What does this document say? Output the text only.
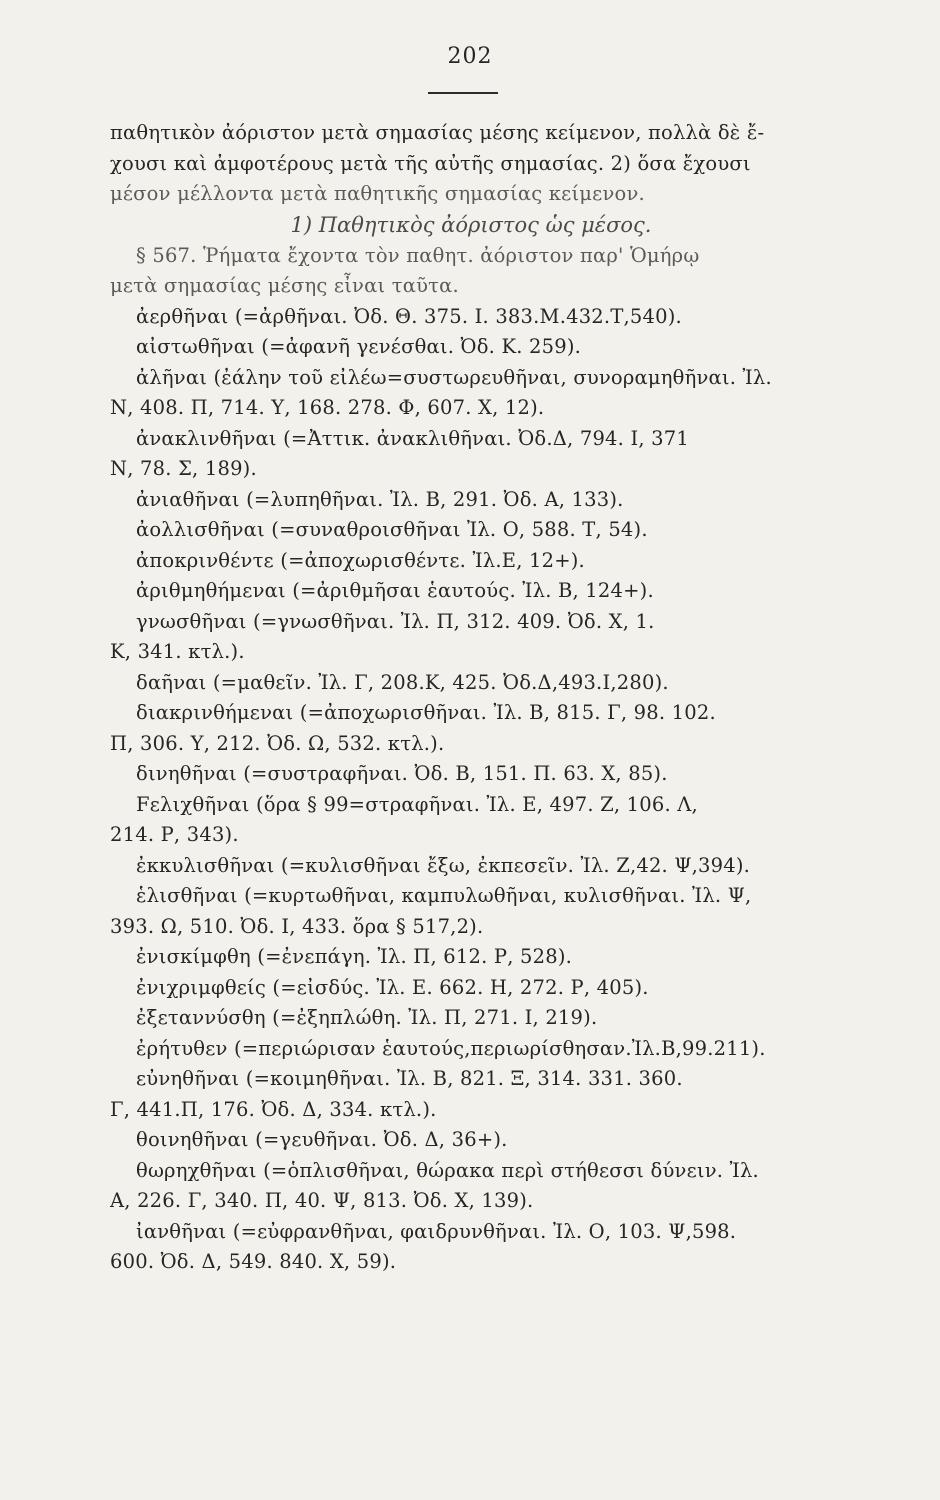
202
παθητικὸν ἀόριστον μετὰ σημασίας μέσης κείμενον, πολλὰ δὲ ἔ-
χουσι καὶ ἀμφοτέρους μετὰ τῆς αὐτῆς σημασίας. 2) ὅσα ἔχουσι
μέσον μέλλοντα μετὰ παθητικῆς σημασίας κείμενον.
1) Παθητικὸς ἀόριστος ὡς μέσος.
§ 567. Ῥήματα ἔχοντα τὸν παθητ. ἀόριστον παρ' Ὁμήρῳ
μετὰ σημασίας μέσης εἶναι ταῦτα.
ἀερθῆναι (=ἀρθῆναι. Ὀδ. Θ. 375. Ι. 383.Μ.432.Τ,540).
αἰστωθῆναι (=ἀφανῆ γενέσθαι. Ὀδ. Κ. 259).
ἀλῆναι (ἐάλην τοῦ εἰλέω=συστωρευθῆναι, συνοραμηθῆναι. Ἰλ.
Ν, 408. Π, 714. Υ, 168. 278. Φ, 607. Χ, 12).
ἀνακλινθῆναι (=Ἀττικ. ἀνακλιθῆναι. Ὀδ.Δ, 794. Ι, 371
Ν, 78. Σ, 189).
ἀνιαθῆναι (=λυπηθῆναι. Ἰλ. Β, 291. Ὀδ. Α, 133).
ἀολλισθῆναι (=συναθροισθῆναι Ἰλ. Ο, 588. Τ, 54).
ἀποκρινθέντε (=ἀποχωρισθέντε. Ἰλ.Ε, 12+).
ἀριθμηθήμεναι (=ἀριθμῆσαι ἑαυτούς. Ἰλ. Β, 124+).
γνωσθῆναι (=γνωσθῆναι. Ἰλ. Π, 312. 409. Ὀδ. Χ, 1.
Κ, 341. κτλ.).
δαῆναι (=μαθεῖν. Ἰλ. Γ, 208.Κ, 425. Ὀδ.Δ,493.Ι,280).
διακρινθήμεναι (=ἀποχωρισθῆναι. Ἰλ. Β, 815. Γ, 98. 102.
Π, 306. Υ, 212. Ὀδ. Ω, 532. κτλ.).
δινηθῆναι (=συστραφῆναι. Ὀδ. Β, 151. Π. 63. Χ, 85).
Fελιχθῆναι (ὅρα § 99=στραφῆναι. Ἰλ. Ε, 497. Ζ, 106. Λ,
214. Ρ, 343).
ἐκκυλισθῆναι (=κυλισθῆναι ἔξω, ἐκπεσεῖν. Ἰλ. Ζ,42. Ψ,394).
ἑλισθῆναι (=κυρτωθῆναι, καμπυλωθῆναι, κυλισθῆναι. Ἰλ. Ψ,
393. Ω, 510. Ὀδ. Ι, 433. ὅρα § 517,2).
ἐνισκίμφθη (=ἐνεπάγη. Ἰλ. Π, 612. Ρ, 528).
ἐνιχριμφθείς (=εἰσδύς. Ἰλ. Ε. 662. Η, 272. Ρ, 405).
ἐξεταννύσθη (=ἐξηπλώθη. Ἰλ. Π, 271. Ι, 219).
ἐρήτυθεν (=περιώρισαν ἑαυτούς,περιωρίσθησαν.Ἰλ.Β,99.211).
εὐνηθῆναι (=κοιμηθῆναι. Ἰλ. Β, 821. Ξ, 314. 331. 360.
Γ, 441.Π, 176. Ὀδ. Δ, 334. κτλ.).
θοινηθῆναι (=γευθῆναι. Ὀδ. Δ, 36+).
θωρηχθῆναι (=ὁπλισθῆναι, θώρακα περὶ στήθεσσι δύνειν. Ἰλ.
Α, 226. Γ, 340. Π, 40. Ψ, 813. Ὀδ. Χ, 139).
ἰανθῆναι (=εὐφρανθῆναι, φαιδρυνθῆναι. Ἰλ. Ο, 103. Ψ,598.
600. Ὀδ. Δ, 549. 840. Χ, 59).
